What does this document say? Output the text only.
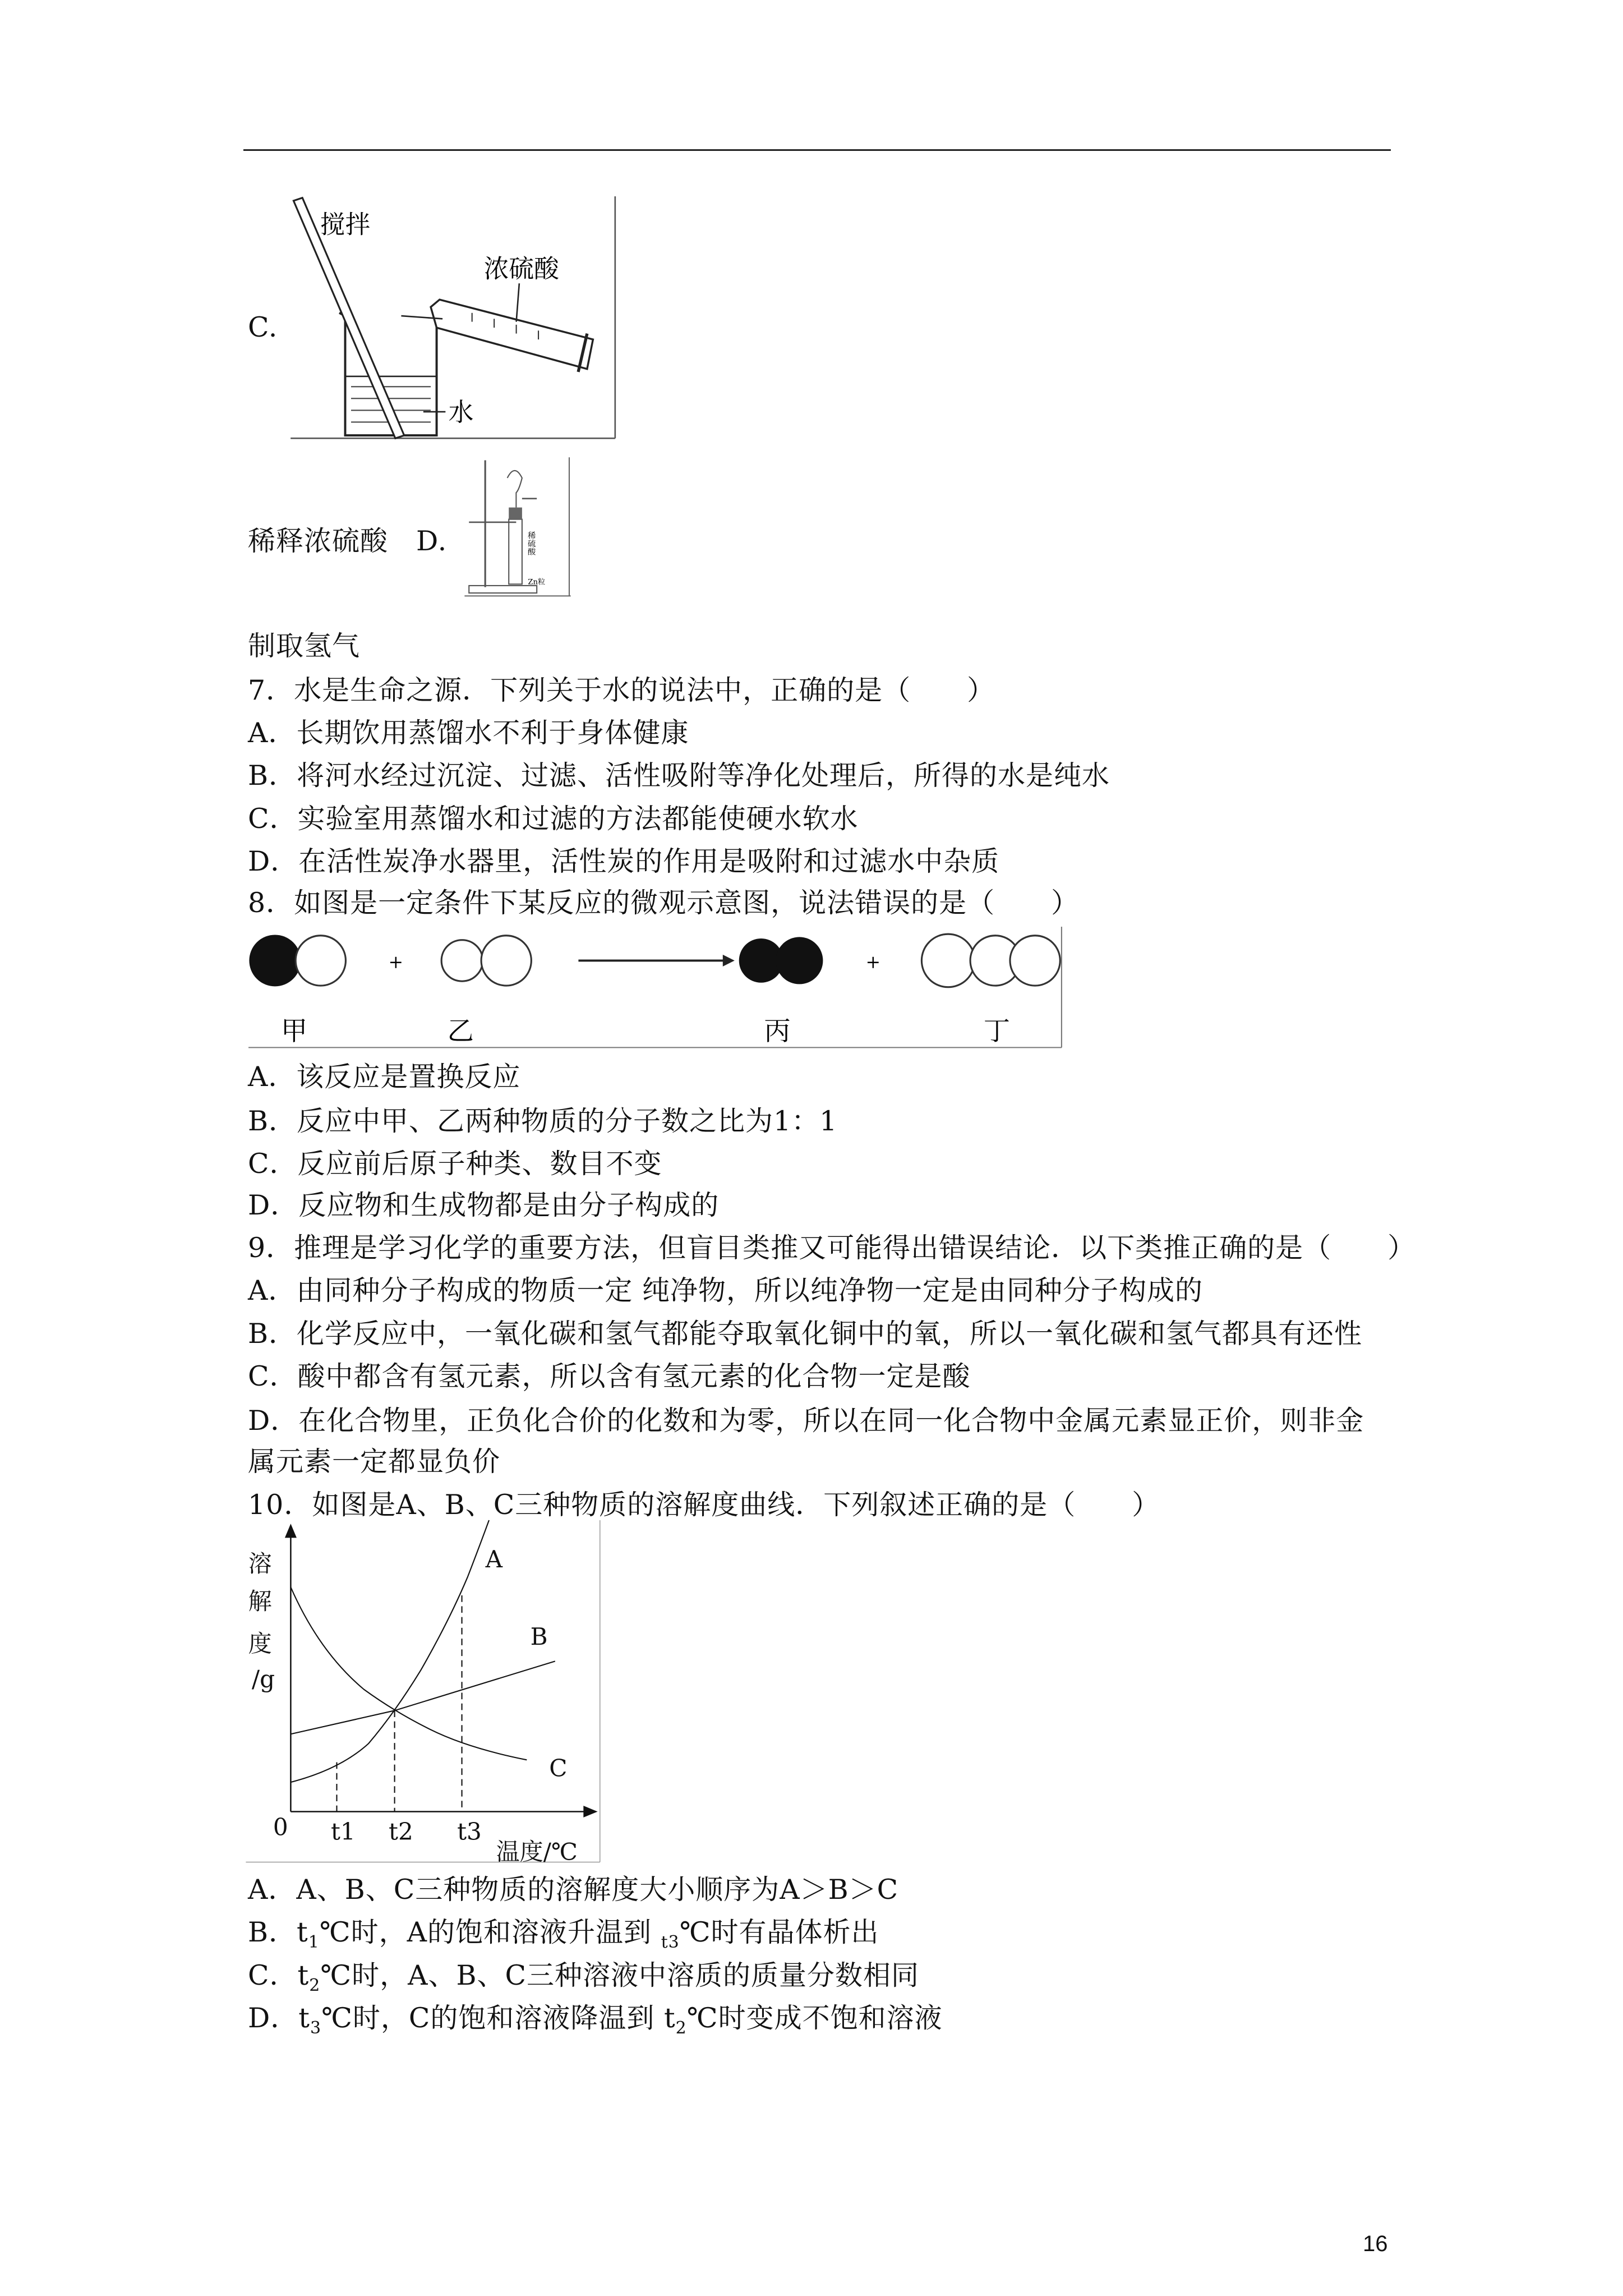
C.
搅拌
浓硫酸
水
稀释浓硫酸　 D.	稀硫酸
Zn粒
制取氢气
7．水是生命之源．下列关于水的说法中，正确的是（　　）
A．长期饮用蒸馏水不利于身体健康
B．将河水经过沉淀、过滤、活性吸附等净化处理后，所得的水是纯水
C．实验室用蒸馏水和过滤的方法都能使硬水软水
D．在活性炭净水器里，活性炭的作用是吸附和过滤水中杂质
8．如图是一定条件下某反应的微观示意图，说法错误的是（　　）
+	+
甲	乙	丙	丁
A．该反应是置换反应
B．反应中甲、乙两种物质的分子数之比为1：1
C．反应前后原子种类、数目不变
D．反应物和生成物都是由分子构成的
9．推理是学习化学的重要方法，但盲目类推又可能得出错误结论．以下类推正确的是（　　）
A．由同种分子构成的物质一定 纯净物，所以纯净物一定是由同种分子构成的
B．化学反应中，一氧化碳和氢气都能夺取氧化铜中的氧，所以一氧化碳和氢气都具有还性
C．酸中都含有氢元素，所以含有氢元素的化合物一定是酸
D．在化合物里，正负化合价的化数和为零，所以在同一化合物中金属元素显正价，则非金
属元素一定都显负价
10．如图是A、B、C三种物质的溶解度曲线．下列叙述正确的是（　　）
溶
解
度
/g
0 t1 t2 t3
温度/℃
A
B
C
A．A、B、C三种物质的溶解度大小顺序为A＞B＞C
B．$t_1℃$时，A的饱和溶液升温到 $_{t3}$℃时有晶体析出
C．$t_2℃$时，A、B、C三种溶液中溶质的质量分数相同
D．$t_3℃$时，C的饱和溶液降温到 $t_2℃$时变成不饱和溶液
16
